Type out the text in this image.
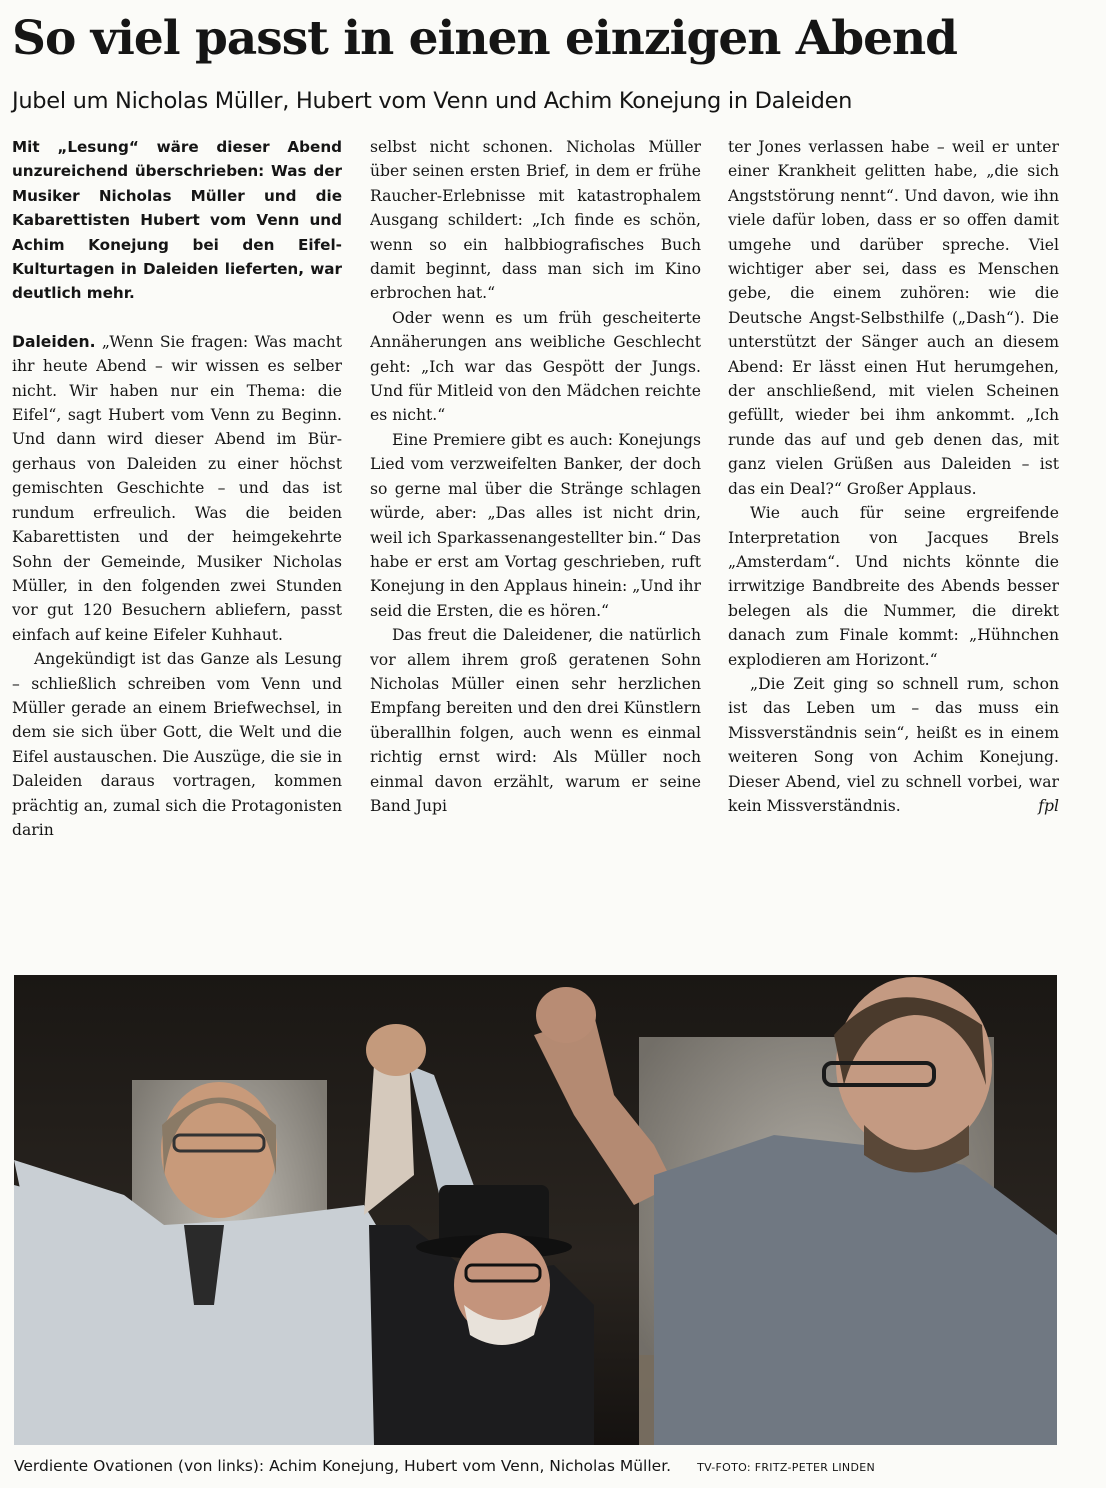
So viel passt in einen einzigen Abend
Jubel um Nicholas Müller, Hubert vom Venn und Achim Konejung in Daleiden

Mit „Lesung“ wäre dieser Abend unzureichend überschrieben: Was der Musiker Nicholas Müller und die Kabarettisten Hubert vom Venn und Achim Konejung bei den Eifel-Kulturtagen in Daleiden lieferten, war deutlich mehr.

Daleiden. „Wenn Sie fragen: Was macht ihr heute Abend – wir wissen es selber nicht. Wir haben nur ein Thema: die Eifel“, sagt Hubert vom Venn zu Beginn. Und dann wird dieser Abend im Bürgerhaus von Daleiden zu einer höchst gemischten Geschichte – und das ist rundum erfreulich. Was die beiden Kabarettisten und der heimgekehrte Sohn der Gemeinde, Musiker Nicholas Müller, in den folgenden zwei Stunden vor gut 120 Besuchern abliefern, passt einfach auf keine Eifeler Kuhhaut.

Angekündigt ist das Ganze als Lesung – schließlich schreiben vom Venn und Müller gerade an einem Briefwechsel, in dem sie sich über Gott, die Welt und die Eifel austauschen. Die Auszüge, die sie in Daleiden daraus vortragen, kommen prächtig an, zumal sich die Protagonisten darin

selbst nicht schonen. Nicholas Müller über seinen ersten Brief, in dem er frühe Raucher-Erlebnisse mit katastrophalem Ausgang schildert: „Ich finde es schön, wenn so ein halbbiografisches Buch damit beginnt, dass man sich im Kino erbrochen hat.“

Oder wenn es um früh gescheiterte Annäherungen ans weibliche Geschlecht geht: „Ich war das Gespött der Jungs. Und für Mitleid von den Mädchen reichte es nicht.“

Eine Premiere gibt es auch: Konejungs Lied vom verzweifelten Banker, der doch so gerne mal über die Stränge schlagen würde, aber: „Das alles ist nicht drin, weil ich Sparkassenangestellter bin.“ Das habe er erst am Vortag geschrieben, ruft Konejung in den Applaus hinein: „Und ihr seid die Ersten, die es hören.“

Das freut die Daleidener, die natürlich vor allem ihrem groß geratenen Sohn Nicholas Müller einen sehr herzlichen Empfang bereiten und den drei Künstlern überallhin folgen, auch wenn es einmal richtig ernst wird: Als Müller noch einmal davon erzählt, warum er seine Band Jupi

ter Jones verlassen habe – weil er unter einer Krankheit gelitten habe, „die sich Angststörung nennt“. Und davon, wie ihn viele dafür loben, dass er so offen damit umgehe und darüber spreche. Viel wichtiger aber sei, dass es Menschen gebe, die einem zuhören: wie die Deutsche Angst-Selbsthilfe („Dash“). Die unterstützt der Sänger auch an diesem Abend: Er lässt einen Hut herumgehen, der anschließend, mit vielen Scheinen gefüllt, wieder bei ihm ankommt. „Ich runde das auf und geb denen das, mit ganz vielen Grüßen aus Daleiden – ist das ein Deal?“ Großer Applaus.

Wie auch für seine ergreifende Interpretation von Jacques Brels „Amsterdam“. Und nichts könnte die irrwitzige Bandbreite des Abends besser belegen als die Nummer, die direkt danach zum Finale kommt: „Hühnchen explodieren am Horizont.“

„Die Zeit ging so schnell rum, schon ist das Leben um – das muss ein Missverständnis sein“, heißt es in einem weiteren Song von Achim Konejung. Dieser Abend, viel zu schnell vorbei, war kein Missverständnis.	fpl

Verdiente Ovationen (von links): Achim Konejung, Hubert vom Venn, Nicholas Müller. TV-FOTO: FRITZ-PETER LINDEN
